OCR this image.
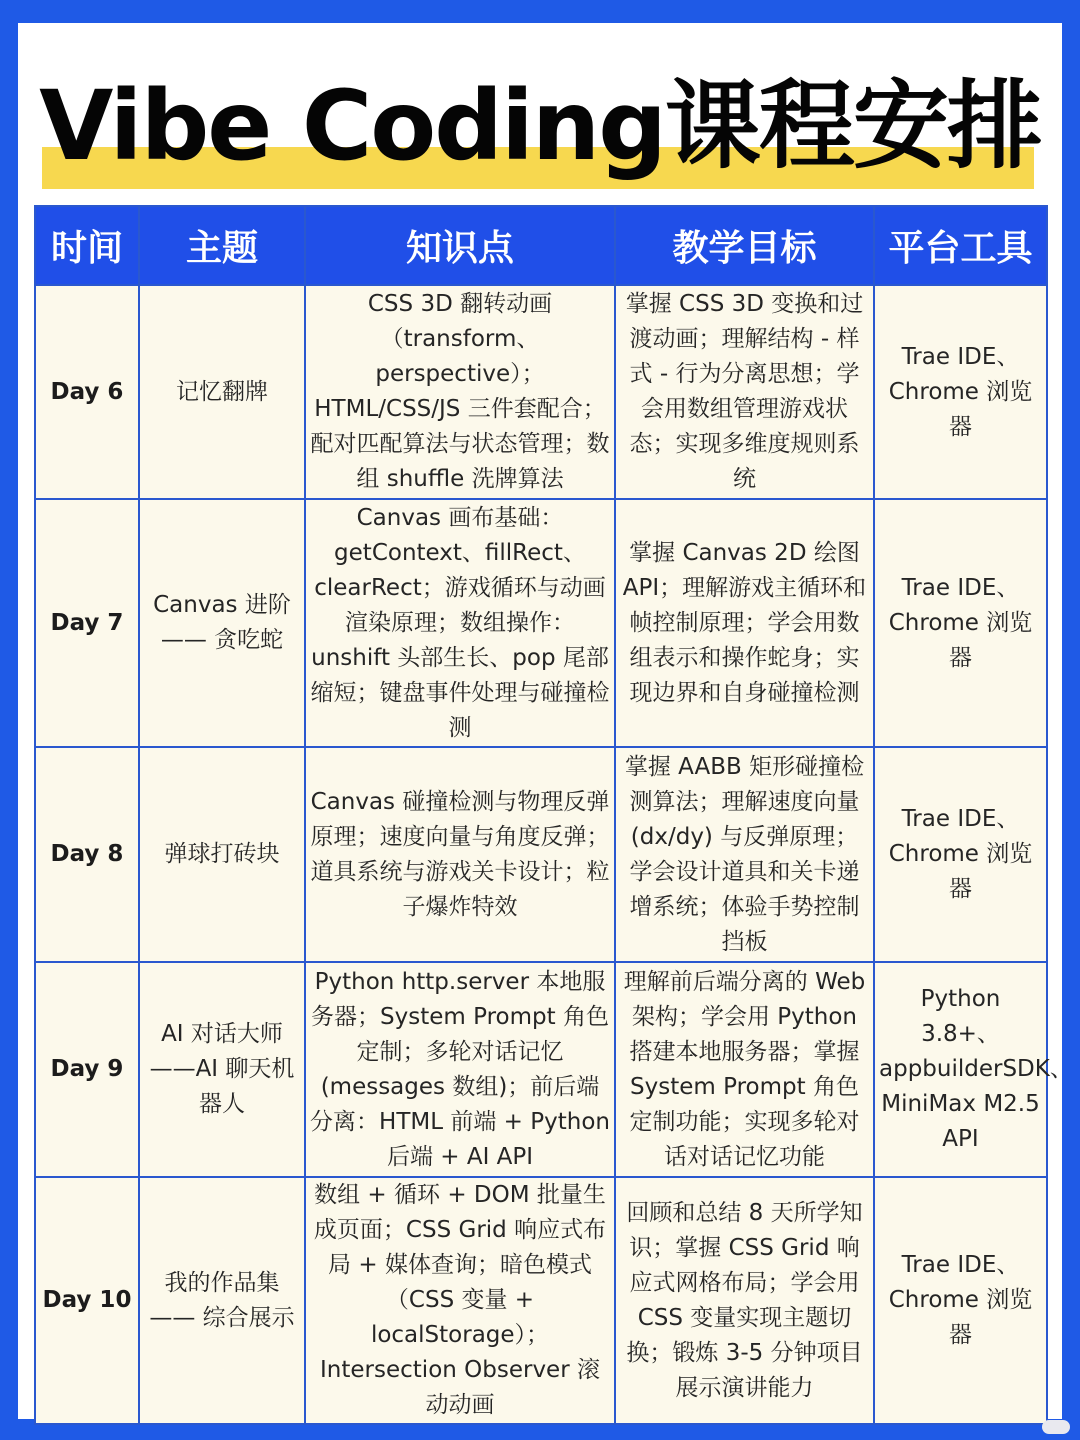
Vibe Coding课程安排
时间	主题	知识点	教学目标	平台工具
Day 6	记忆翻牌	CSS 3D 翻转动画（transform、perspective）；HTML/CSS/JS 三件套配合；配对匹配算法与状态管理；数组 shuffle 洗牌算法	掌握 CSS 3D 变换和过渡动画；理解结构 - 样式 - 行为分离思想；学会用数组管理游戏状态；实现多维度规则系统	Trae IDE、Chrome 浏览器
Day 7	Canvas 进阶 —— 贪吃蛇	Canvas 画布基础：getContext、fillRect、clearRect；游戏循环与动画渲染原理；数组操作：unshift 头部生长、pop 尾部缩短；键盘事件处理与碰撞检测	掌握 Canvas 2D 绘图 API；理解游戏主循环和帧控制原理；学会用数组表示和操作蛇身；实现边界和自身碰撞检测	Trae IDE、Chrome 浏览器
Day 8	弹球打砖块	Canvas 碰撞检测与物理反弹原理；速度向量与角度反弹；道具系统与游戏关卡设计；粒子爆炸特效	掌握 AABB 矩形碰撞检测算法；理解速度向量(dx/dy) 与反弹原理；学会设计道具和关卡递增系统；体验手势控制挡板	Trae IDE、Chrome 浏览器
Day 9	AI 对话大师 ——AI 聊天机器人	Python http.server 本地服务器；System Prompt 角色定制；多轮对话记忆(messages 数组)；前后端分离：HTML 前端 + Python 后端 + AI API	理解前后端分离的 Web 架构；学会用 Python 搭建本地服务器；掌握 System Prompt 角色定制功能；实现多轮对话对话记忆功能	Python 3.8+、appbuilderSDK、MiniMax M2.5 API
Day 10	我的作品集 —— 综合展示	数组 + 循环 + DOM 批量生成页面；CSS Grid 响应式布局 + 媒体查询；暗色模式（CSS 变量 + localStorage）；Intersection Observer 滚动动画	回顾和总结 8 天所学知识；掌握 CSS Grid 响应式网格布局；学会用 CSS 变量实现主题切换；锻炼 3-5 分钟项目展示演讲能力	Trae IDE、Chrome 浏览器
